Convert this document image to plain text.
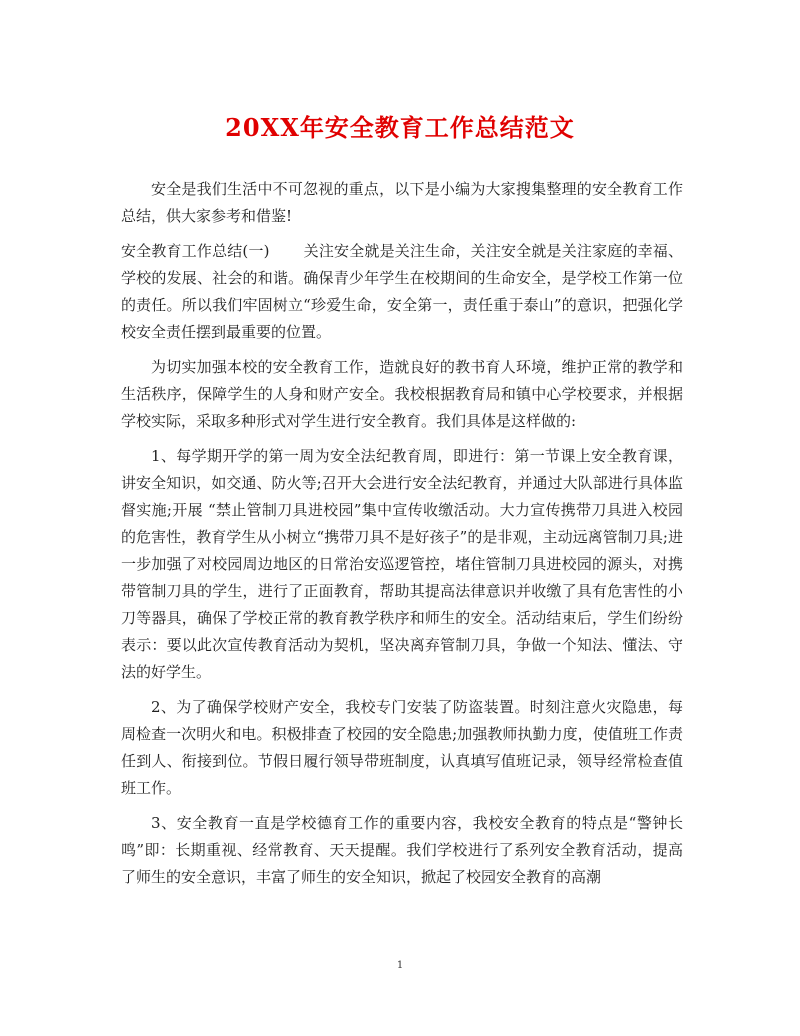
20XX年安全教育工作总结范文

安全是我们生活中不可忽视的重点，以下是小编为大家搜集整理的安全教育工作总结，供大家参考和借鉴!

安全教育工作总结(一) 关注安全就是关注生命，关注安全就是关注家庭的幸福、学校的发展、社会的和谐。确保青少年学生在校期间的生命安全，是学校工作第一位的责任。所以我们牢固树立“珍爱生命，安全第一，责任重于泰山”的意识，把强化学校安全责任摆到最重要的位置。

为切实加强本校的安全教育工作，造就良好的教书育人环境，维护正常的教学和生活秩序，保障学生的人身和财产安全。我校根据教育局和镇中心学校要求，并根据学校实际，采取多种形式对学生进行安全教育。我们具体是这样做的:

1、每学期开学的第一周为安全法纪教育周，即进行：第一节课上安全教育课，讲安全知识，如交通、防火等;召开大会进行安全法纪教育，并通过大队部进行具体监督实施;开展 “禁止管制刀具进校园”集中宣传收缴活动。大力宣传携带刀具进入校园的危害性，教育学生从小树立“携带刀具不是好孩子”的是非观，主动远离管制刀具;进一步加强了对校园周边地区的日常治安巡逻管控，堵住管制刀具进校园的源头，对携带管制刀具的学生，进行了正面教育，帮助其提高法律意识并收缴了具有危害性的小刀等器具，确保了学校正常的教育教学秩序和师生的安全。活动结束后，学生们纷纷表示：要以此次宣传教育活动为契机，坚决离弃管制刀具，争做一个知法、懂法、守法的好学生。

2、为了确保学校财产安全，我校专门安装了防盗装置。时刻注意火灾隐患，每周检查一次明火和电。积极排查了校园的安全隐患;加强教师执勤力度，使值班工作责任到人、衔接到位。节假日履行领导带班制度，认真填写值班记录，领导经常检查值班工作。

3、安全教育一直是学校德育工作的重要内容，我校安全教育的特点是“警钟长鸣”即：长期重视、经常教育、天天提醒。我们学校进行了系列安全教育活动，提高了师生的安全意识，丰富了师生的安全知识，掀起了校园安全教育的高潮

1
